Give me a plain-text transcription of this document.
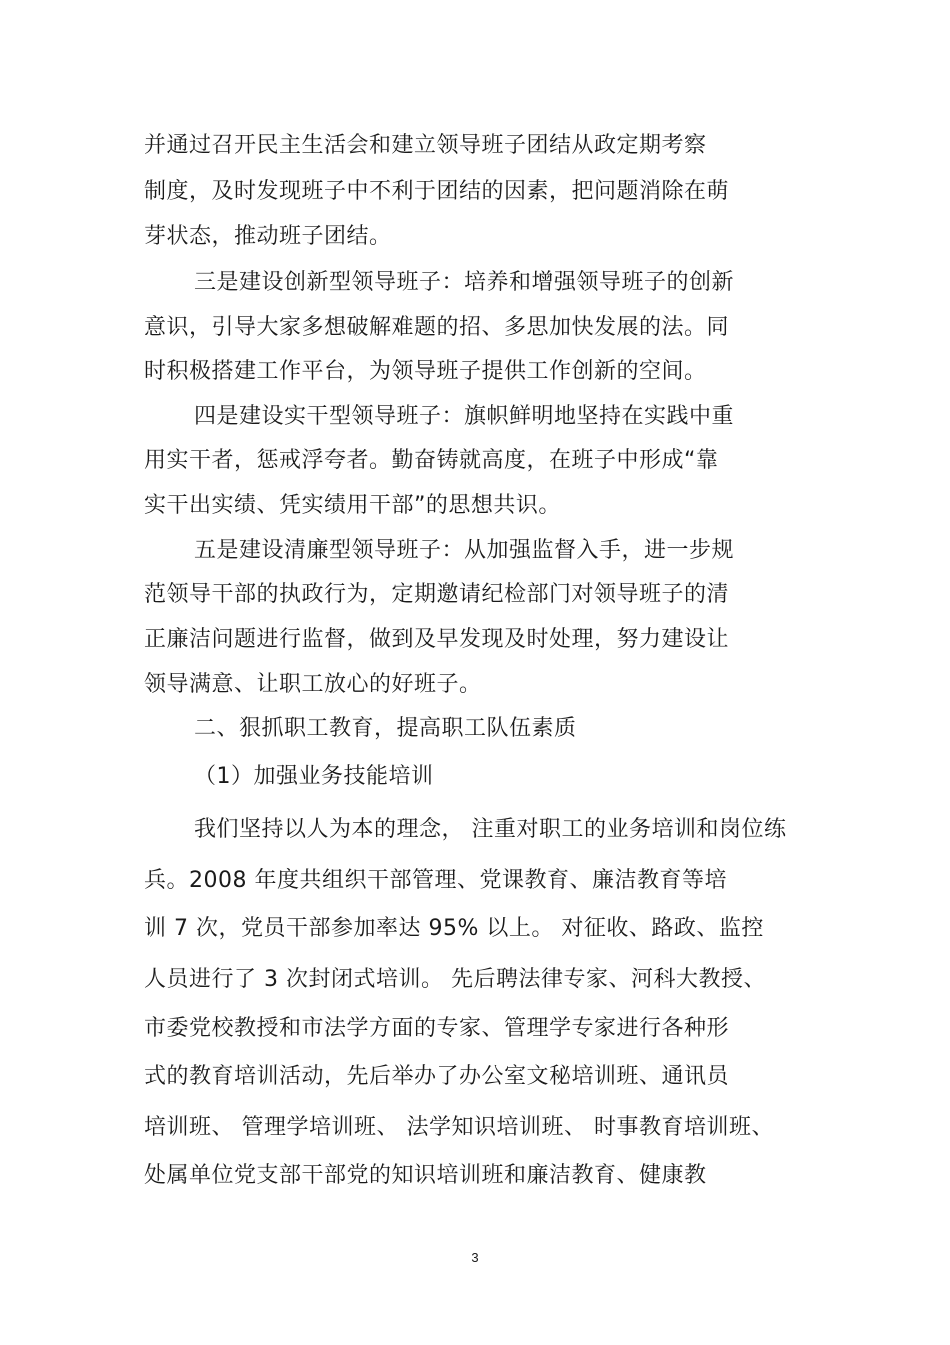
并通过召开民主生活会和建立领导班子团结从政定期考察
制度，及时发现班子中不利于团结的因素，把问题消除在萌
芽状态，推动班子团结。
三是建设创新型领导班子：培养和增强领导班子的创新
意识，引导大家多想破解难题的招、多思加快发展的法。同
时积极搭建工作平台，为领导班子提供工作创新的空间。
四是建设实干型领导班子：旗帜鲜明地坚持在实践中重
用实干者，惩戒浮夸者。勤奋铸就高度，在班子中形成“靠
实干出实绩、凭实绩用干部”的思想共识。
五是建设清廉型领导班子：从加强监督入手，进一步规
范领导干部的执政行为，定期邀请纪检部门对领导班子的清
正廉洁问题进行监督，做到及早发现及时处理，努力建设让
领导满意、让职工放心的好班子。
二、狠抓职工教育，提高职工队伍素质
（1）加强业务技能培训
我们坚持以人为本的理念， 注重对职工的业务培训和岗位练
兵。2008 年度共组织干部管理、党课教育、廉洁教育等培
训 7 次，党员干部参加率达 95% 以上。 对征收、路政、监控
人员进行了 3 次封闭式培训。 先后聘法律专家、河科大教授、
市委党校教授和市法学方面的专家、管理学专家进行各种形
式的教育培训活动，先后举办了办公室文秘培训班、通讯员
培训班、 管理学培训班、 法学知识培训班、 时事教育培训班、
处属单位党支部干部党的知识培训班和廉洁教育、健康教
3
